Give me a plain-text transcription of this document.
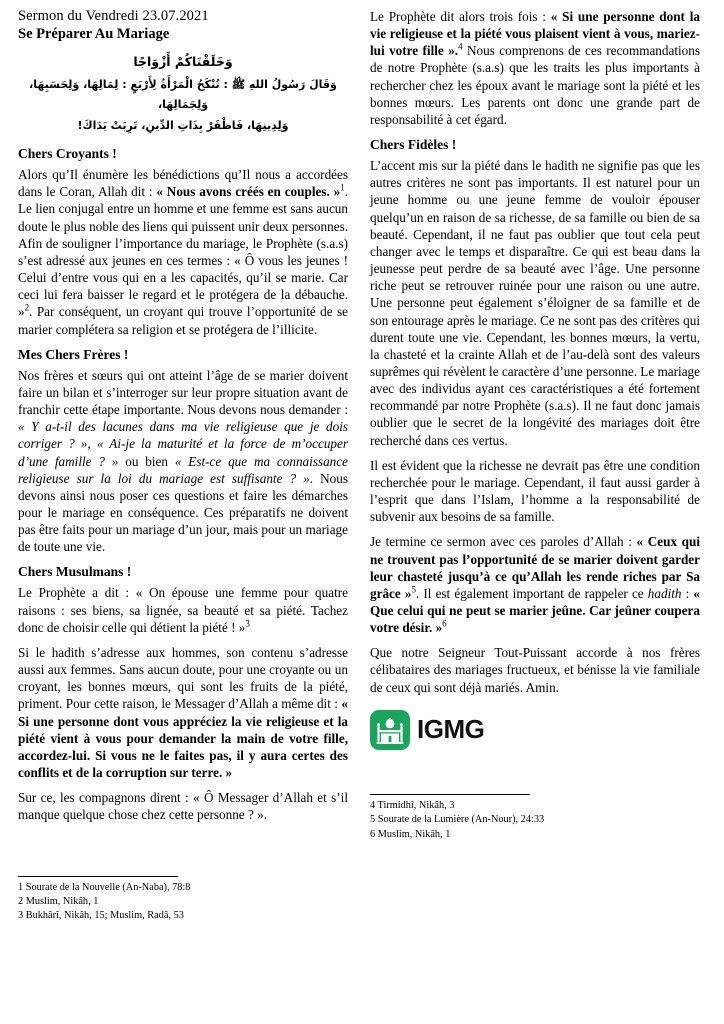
Sermon du Vendredi 23.07.2021
Se Préparer Au Mariage
وَخَلَقْنَاكُمْ أَزْوَاجًا
وَقَالَ رَسُولُ اللهِ ﷺ : تُنْكَحُ الْمَرْأَةُ لِأَرْبَعٍ : لِمَالِهَا، وَلِحَسَبِهَا، وَلِجَمَالِهَا،
وَلِدِينِهَا، فَاظْفَرْ بِذَاتِ الدِّينِ، تَرِبَتْ يَدَاكَ!
Chers Croyants !

Alors qu’Il énumère les bénédictions qu’Il nous a accordées dans le Coran, Allah dit : « Nous avons créés en couples. »$^1$. Le lien conjugal entre un homme et une femme est sans aucun doute le plus noble des liens qui puissent unir deux personnes. Afin de souligner l’importance du mariage, le Prophète (s.a.s) s’est adressé aux jeunes en ces termes : « Ô vous les jeunes ! Celui d’entre vous qui en a les capacités, qu’il se marie. Car ceci lui fera baisser le regard et le protégera de la débauche. »$^2$. Par conséquent, un croyant qui trouve l’opportunité de se marier complétera sa religion et se protégera de l’illicite.

Mes Chers Frères !

Nos frères et sœurs qui ont atteint l’âge de se marier doivent faire un bilan et s’interroger sur leur propre situation avant de franchir cette étape importante. Nous devons nous demander : « Y a-t-il des lacunes dans ma vie religieuse que je dois corriger ? », « Ai-je la maturité et la force de m’occuper d’une famille ? » ou bien « Est-ce que ma connaissance religieuse sur la loi du mariage est suffisante ? ». Nous devons ainsi nous poser ces questions et faire les démarches pour le mariage en conséquence. Ces préparatifs ne doivent pas être faits pour un mariage d’un jour, mais pour un mariage de toute une vie.

Chers Musulmans !

Le Prophète a dit : « On épouse une femme pour quatre raisons : ses biens, sa lignée, sa beauté et sa piété. Tachez donc de choisir celle qui détient la piété ! »$^3$

Si le hadith s’adresse aux hommes, son contenu s’adresse aussi aux femmes. Sans aucun doute, pour une croyante ou un croyant, les bonnes mœurs, qui sont les fruits de la piété, priment. Pour cette raison, le Messager d’Allah a même dit : « Si une personne dont vous appréciez la vie religieuse et la piété vient à vous pour demander la main de votre fille, accordez-lui. Si vous ne le faites pas, il y aura certes des conflits et de la corruption sur terre. »

Sur ce, les compagnons dirent : « Ô Messager d’Allah et s’il manque quelque chose chez cette personne ? ».

1 Sourate de la Nouvelle (An-Naba), 78:8

2 Muslim, Nikâh, 1

3 Bukhârî, Nikâh, 15; Muslim, Radâ, 53

Le Prophète dit alors trois fois : « Si une personne dont la vie religieuse et la piété vous plaisent vient à vous, mariez-lui votre fille ».$^4$ Nous comprenons de ces recommandations de notre Prophète (s.a.s) que les traits les plus importants à rechercher chez les époux avant le mariage sont la piété et les bonnes mœurs. Les parents ont donc une grande part de responsabilité à cet égard.

Chers Fidèles !

L’accent mis sur la piété dans le hadith ne signifie pas que les autres critères ne sont pas importants. Il est naturel pour un jeune homme ou une jeune femme de vouloir épouser quelqu’un en raison de sa richesse, de sa famille ou bien de sa beauté. Cependant, il ne faut pas oublier que tout cela peut changer avec le temps et disparaître. Ce qui est beau dans la jeunesse peut perdre de sa beauté avec l’âge. Une personne riche peut se retrouver ruinée pour une raison ou une autre. Une personne peut également s’éloigner de sa famille et de son entourage après le mariage. Ce ne sont pas des critères qui durent toute une vie. Cependant, les bonnes mœurs, la vertu, la chasteté et la crainte Allah et de l’au-delà sont des valeurs suprêmes qui révèlent le caractère d’une personne. Le mariage avec des individus ayant ces caractéristiques a été fortement recommandé par notre Prophète (s.a.s). Il ne faut donc jamais oublier que le secret de la longévité des mariages doit être recherché dans ces vertus.

Il est évident que la richesse ne devrait pas être une condition recherchée pour le mariage. Cependant, il faut aussi garder à l’esprit que dans l’Islam, l’homme a la responsabilité de subvenir aux besoins de sa famille.

Je termine ce sermon avec ces paroles d’Allah : « Ceux qui ne trouvent pas l’opportunité de se marier doivent garder leur chasteté jusqu’à ce qu’Allah les rende riches par Sa grâce »$^5$. Il est également important de rappeler ce hadith : « Que celui qui ne peut se marier jeûne. Car jeûner coupera votre désir. »$^6$

Que notre Seigneur Tout-Puissant accorde à nos frères célibataires des mariages fructueux, et bénisse la vie familiale de ceux qui sont déjà mariés. Amin.

IGMG

4 Tirmidhî, Nikâh, 3

5 Sourate de la Lumière (An-Nour), 24:33

6 Muslim, Nikâh, 1
